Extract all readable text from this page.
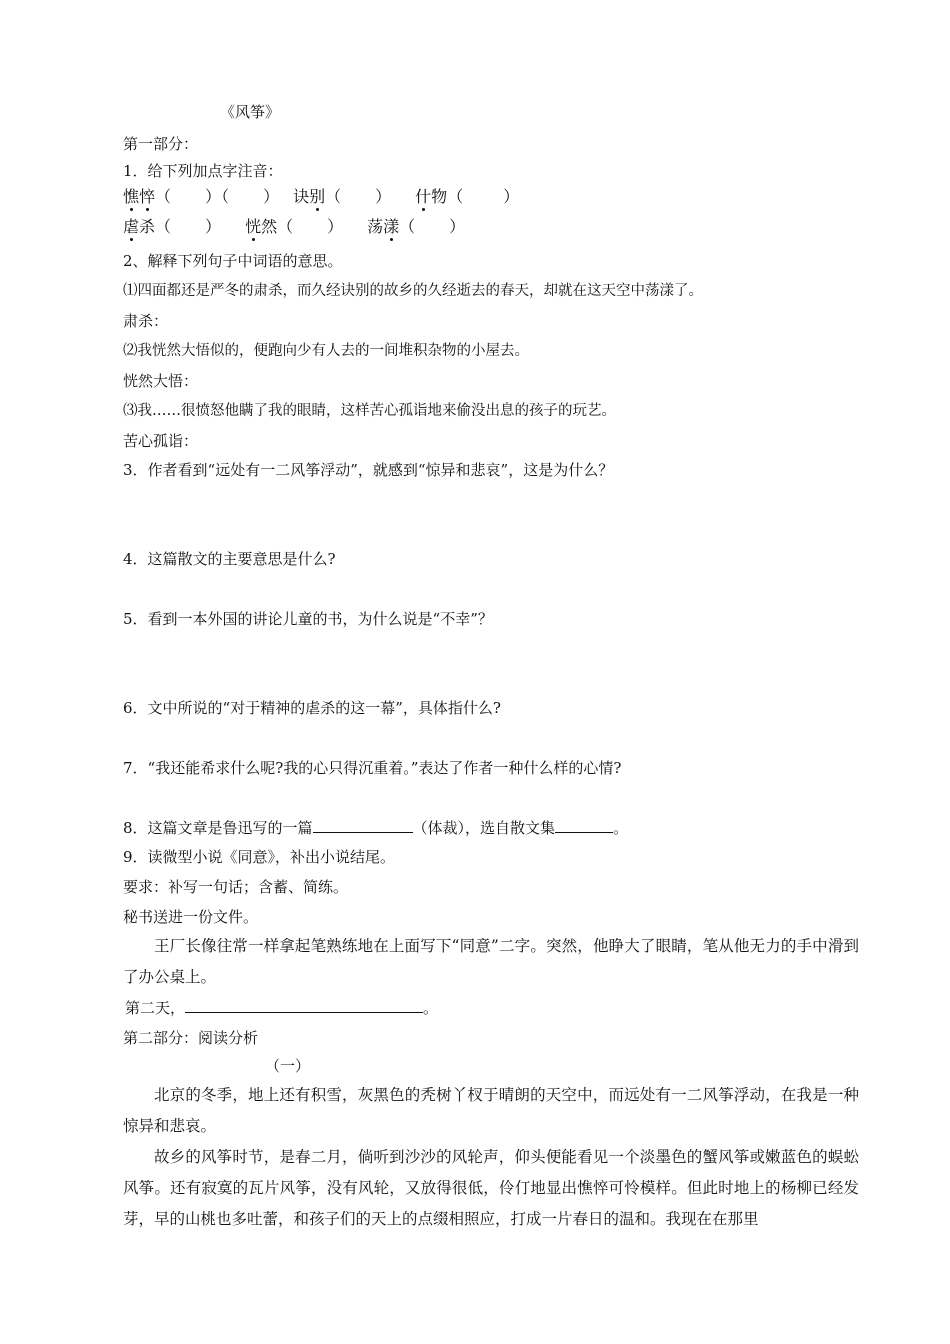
《风筝》
第一部分：
1．给下列加点字注音：
憔悴（ ）（ ） 诀别（ ） 什物（	）
虐杀（ ） 恍然（ ） 荡漾（ ）
2、解释下列句子中词语的意思。
⑴四面都还是严冬的肃杀，而久经诀别的故乡的久经逝去的春天，却就在这天空中荡漾了。
肃杀：
⑵我恍然大悟似的，便跑向少有人去的一间堆积杂物的小屋去。
恍然大悟：
⑶我……很愤怒他瞒了我的眼睛，这样苦心孤诣地来偷没出息的孩子的玩艺。
苦心孤诣：
3．作者看到“远处有一二风筝浮动”，就感到“惊异和悲哀”，这是为什么？
4．这篇散文的主要意思是什么?
5．看到一本外国的讲论儿童的书，为什么说是“不幸”？
6．文中所说的“对于精神的虐杀的这一幕”，具体指什么?
7．“我还能希求什么呢?我的心只得沉重着。”表达了作者一种什么样的心情?
8．这篇文章是鲁迅写的一篇	（体裁），选自散文集	。
9．读微型小说《同意》，补出小说结尾。
要求：补写一句话；含蓄、简练。
秘书送进一份文件。
王厂长像往常一样拿起笔熟练地在上面写下“同意”二字。突然，他睁大了眼睛，笔从他无力的手中滑到了办公桌上。
第二天，	。
第二部分：阅读分析
（一）
北京的冬季，地上还有积雪，灰黑色的秃树丫杈于晴朗的天空中，而远处有一二风筝浮动，在我是一种惊异和悲哀。
故乡的风筝时节，是春二月，倘听到沙沙的风轮声，仰头便能看见一个淡墨色的蟹风筝或嫩蓝色的蜈蚣风筝。还有寂寞的瓦片风筝，没有风轮，又放得很低，伶仃地显出憔悴可怜模样。但此时地上的杨柳已经发芽，早的山桃也多吐蕾，和孩子们的天上的点缀相照应，打成一片春日的温和。我现在在那里
